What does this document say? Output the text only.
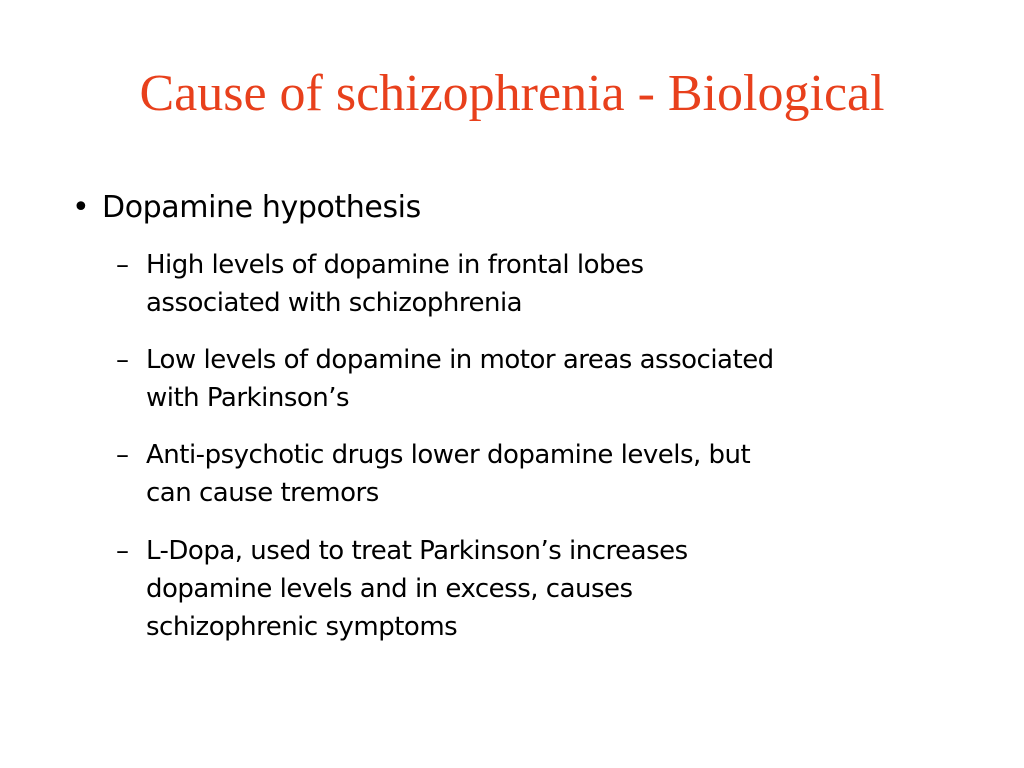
Cause of schizophrenia - Biological
• Dopamine hypothesis
– High levels of dopamine in frontal lobes
associated with schizophrenia
– Low levels of dopamine in motor areas associated
with Parkinson’s
– Anti-psychotic drugs lower dopamine levels, but
can cause tremors
– L-Dopa, used to treat Parkinson’s increases
dopamine levels and in excess, causes
schizophrenic symptoms
